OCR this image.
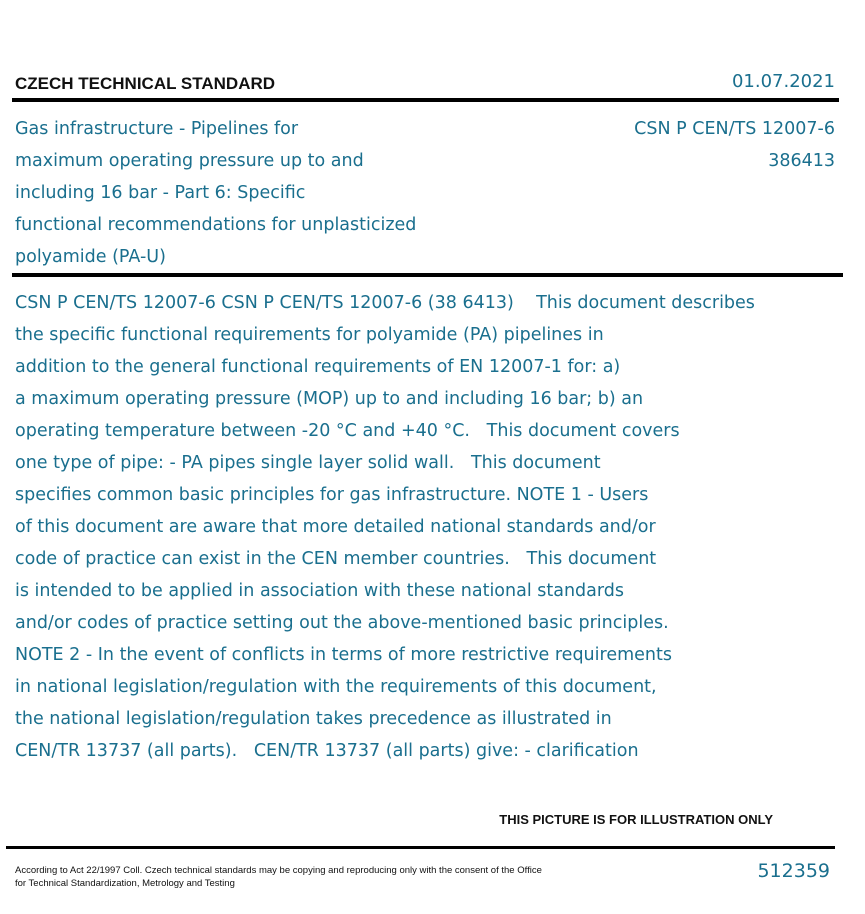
CZECH TECHNICAL STANDARD	01.07.2021
Gas infrastructure - Pipelines for
maximum operating pressure up to and
including 16 bar - Part 6: Specific
functional recommendations for unplasticized
polyamide (PA-U)
CSN P CEN/TS 12007-6
386413
CSN P CEN/TS 12007-6 CSN P CEN/TS 12007-6 (38 6413)    This document describes
the specific functional requirements for polyamide (PA) pipelines in
addition to the general functional requirements of EN 12007-1 for: a)
a maximum operating pressure (MOP) up to and including 16 bar; b) an
operating temperature between -20 °C and +40 °C.   This document covers
one type of pipe: - PA pipes single layer solid wall.   This document
specifies common basic principles for gas infrastructure. NOTE 1 - Users
of this document are aware that more detailed national standards and/or
code of practice can exist in the CEN member countries.   This document
is intended to be applied in association with these national standards
and/or codes of practice setting out the above-mentioned basic principles.
NOTE 2 - In the event of conflicts in terms of more restrictive requirements
in national legislation/regulation with the requirements of this document,
the national legislation/regulation takes precedence as illustrated in
CEN/TR 13737 (all parts).   CEN/TR 13737 (all parts) give: - clarification
THIS PICTURE IS FOR ILLUSTRATION ONLY
According to Act 22/1997 Coll. Czech technical standards may be copying and reproducing only with the consent of the Office
for Technical Standardization, Metrology and Testing
512359
